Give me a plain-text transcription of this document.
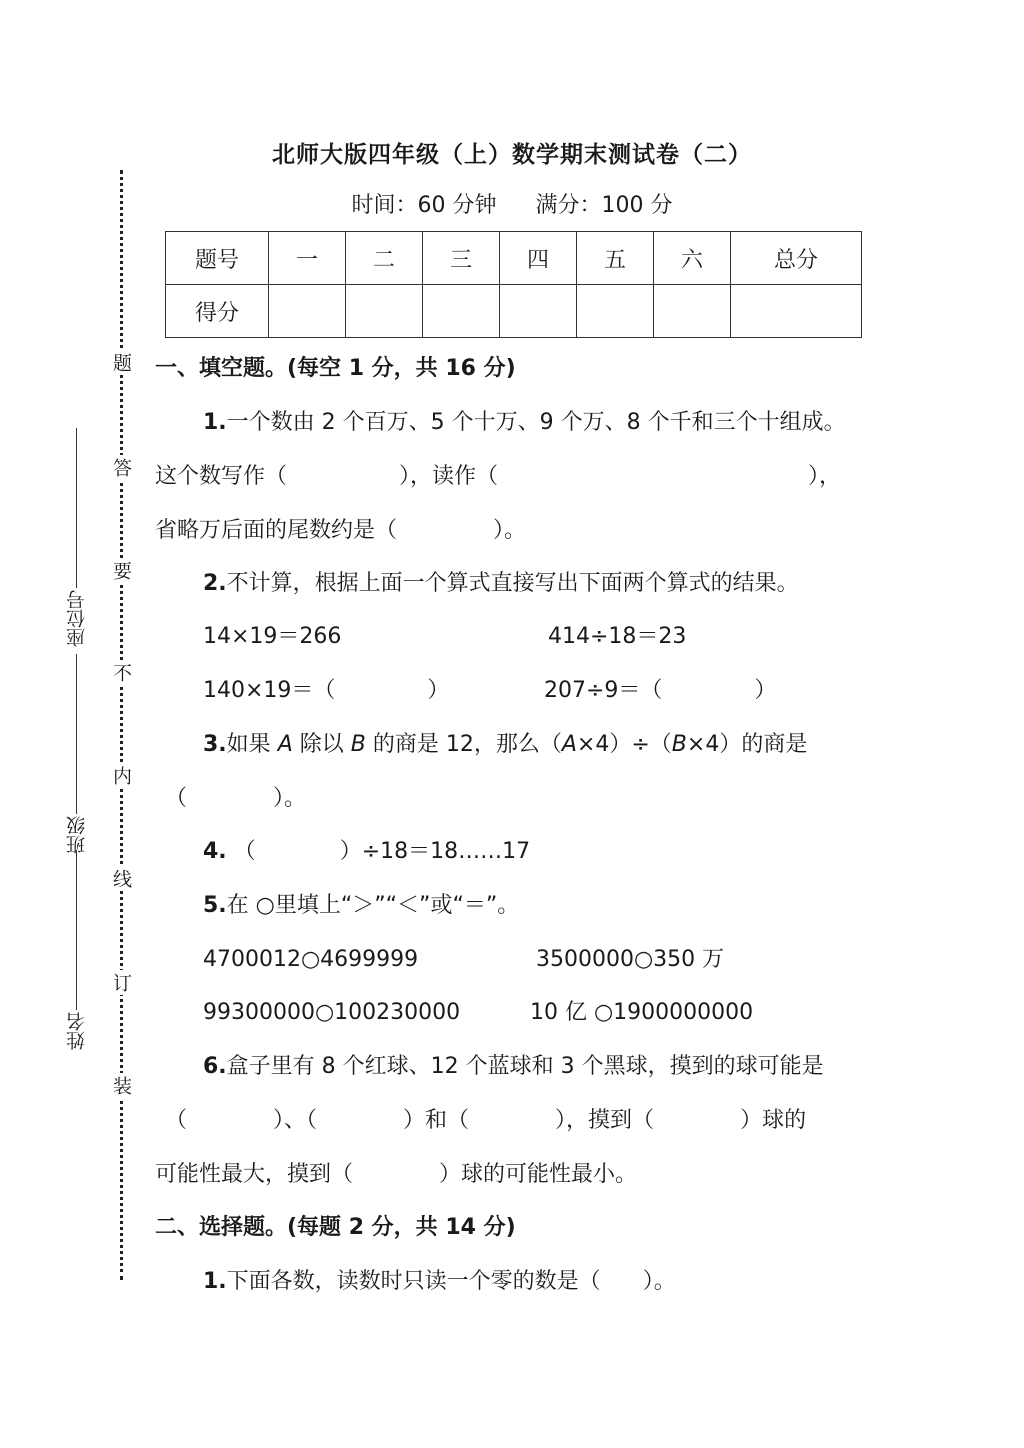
题
答
要
不
内
线
订
装
座位号
班级
姓名
北师大版四年级（上）数学期末测试卷（二）
时间：60 分钟 满分：100 分
题号	一	二	三	四	五	六	总分
得分							
一、填空题。(每空 1 分，共 16 分)
1.一个数由 2 个百万、5 个十万、9 个万、8 个千和三个十组成。
这个数写作（	），读作（	），
省略万后面的尾数约是（	）。
2.不计算，根据上面一个算式直接写出下面两个算式的结果。
14×19＝266	414÷18＝23
140×19＝（	）	207÷9＝（	）
3.如果 A 除以 B 的商是 12，那么（A×4）÷（B×4）的商是
（	）。
4. （	）÷18＝18……17
5.在 ○里填上“＞”“＜”或“＝”。
4700012○4699999	3500000○350 万
99300000○100230000	10 亿 ○1900000000
6.盒子里有 8 个红球、12 个蓝球和 3 个黑球，摸到的球可能是
（	）、（	）和（	），摸到（	）球的
可能性最大，摸到（	）球的可能性最小。
二、选择题。(每题 2 分，共 14 分)
1.下面各数，读数时只读一个零的数是（ ）。
